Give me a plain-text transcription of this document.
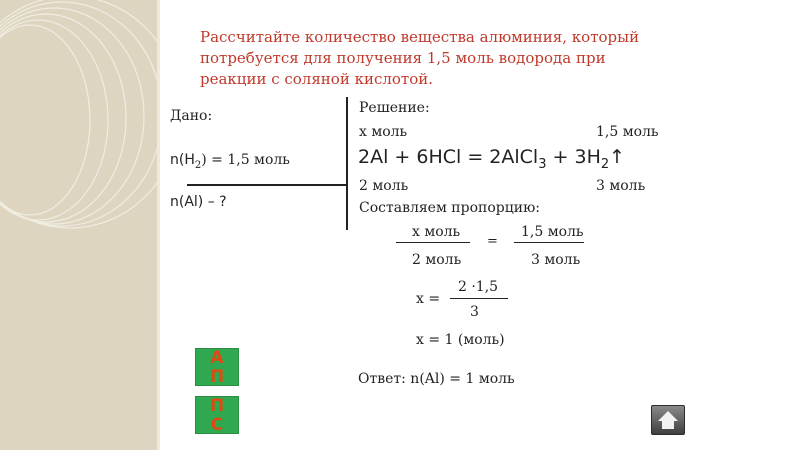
Рассчитайте количество вещества алюминия, который потребуется для получения 1,5 моль водорода при реакции с соляной кислотой.
Дано:
$n(H_2) = 1,5$ моль
n(Al) – ?
Решение:
x моль	1,5 моль
2Al + 6HCl = 2AlCl$_3$ + $3H_2↑$
2 моль	3 моль
Составляем пропорцию:
x моль
2 моль
=
1,5 моль
3 моль
x =
2 ·1,5
3
x = 1 (моль)
Ответ: n(Al) = 1 моль
А
П
П
С
